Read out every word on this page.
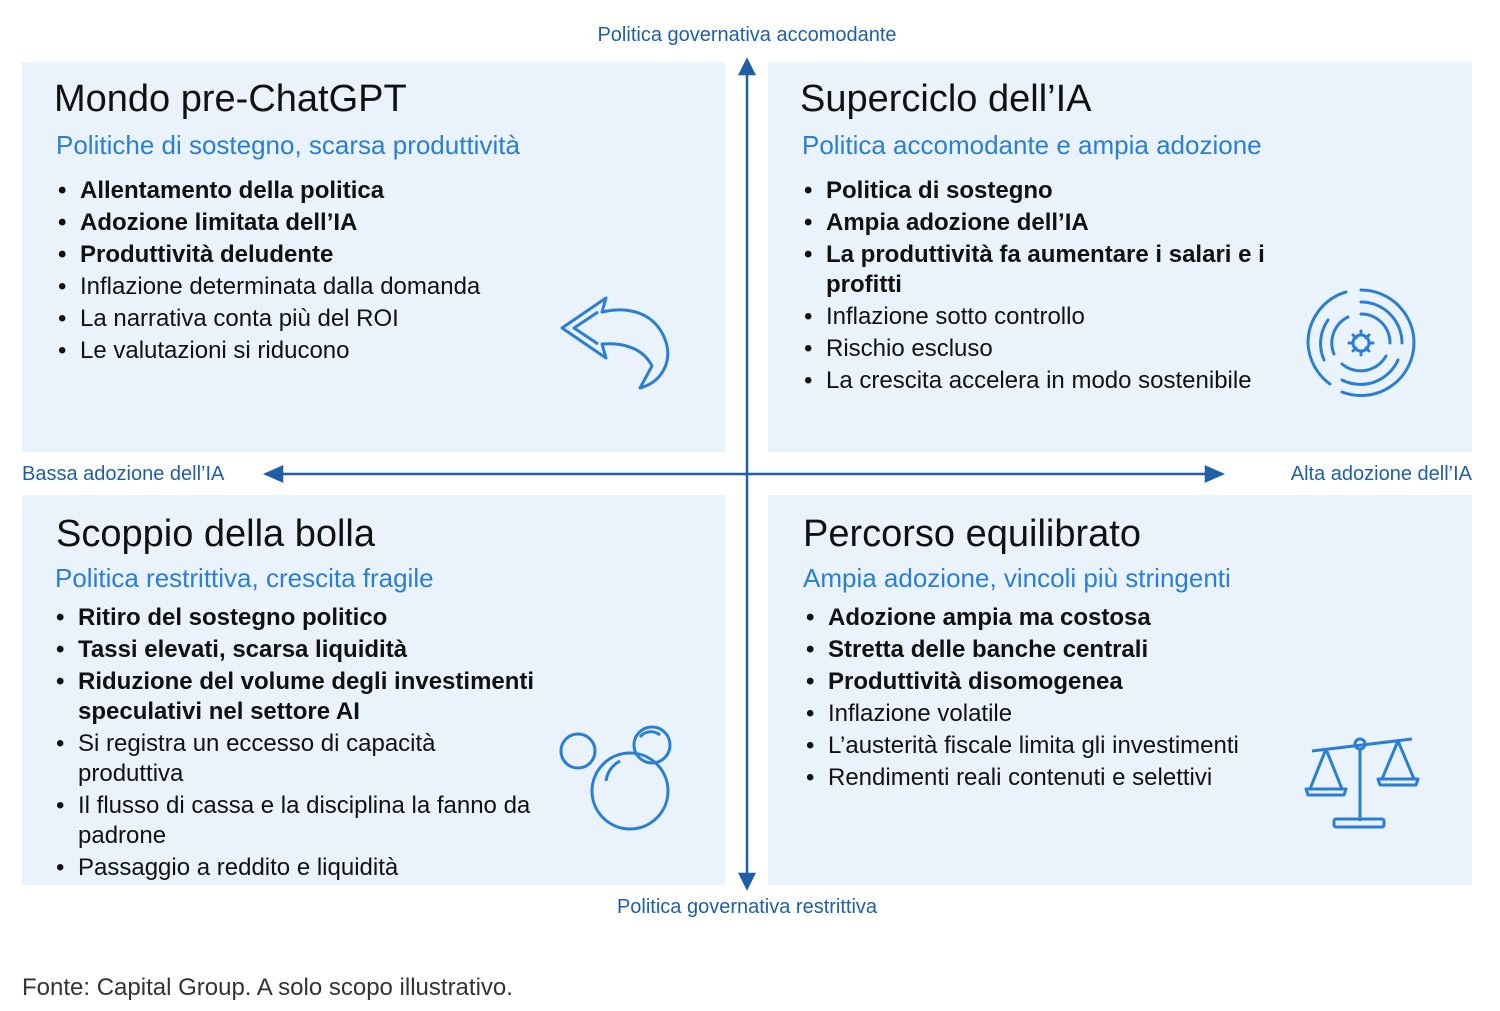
Mondo pre-ChatGPT
Politiche di sostegno, scarsa produttività
• Allentamento della politica
• Adozione limitata dell’IA
• Produttività deludente
• Inflazione determinata dalla domanda
• La narrativa conta più del ROI
• Le valutazioni si riducono
Superciclo dell’IA
Politica accomodante e ampia adozione
• Politica di sostegno
• Ampia adozione dell’IA
• La produttività fa aumentare i salari e i profitti
• Inflazione sotto controllo
• Rischio escluso
• La crescita accelera in modo sostenibile
Scoppio della bolla
Politica restrittiva, crescita fragile
• Ritiro del sostegno politico
• Tassi elevati, scarsa liquidità
• Riduzione del volume degli investimenti speculativi nel settore AI
• Si registra un eccesso di capacità produttiva
• Il flusso di cassa e la disciplina la fanno da padrone
• Passaggio a reddito e liquidità
Percorso equilibrato
Ampia adozione, vincoli più stringenti
• Adozione ampia ma costosa
• Stretta delle banche centrali
• Produttività disomogenea
• Inflazione volatile
• L’austerità fiscale limita gli investimenti
• Rendimenti reali contenuti e selettivi
Politica governativa accomodante
Politica governativa restrittiva
Bassa adozione dell’IA	Alta adozione dell’IA
Fonte: Capital Group. A solo scopo illustrativo.
